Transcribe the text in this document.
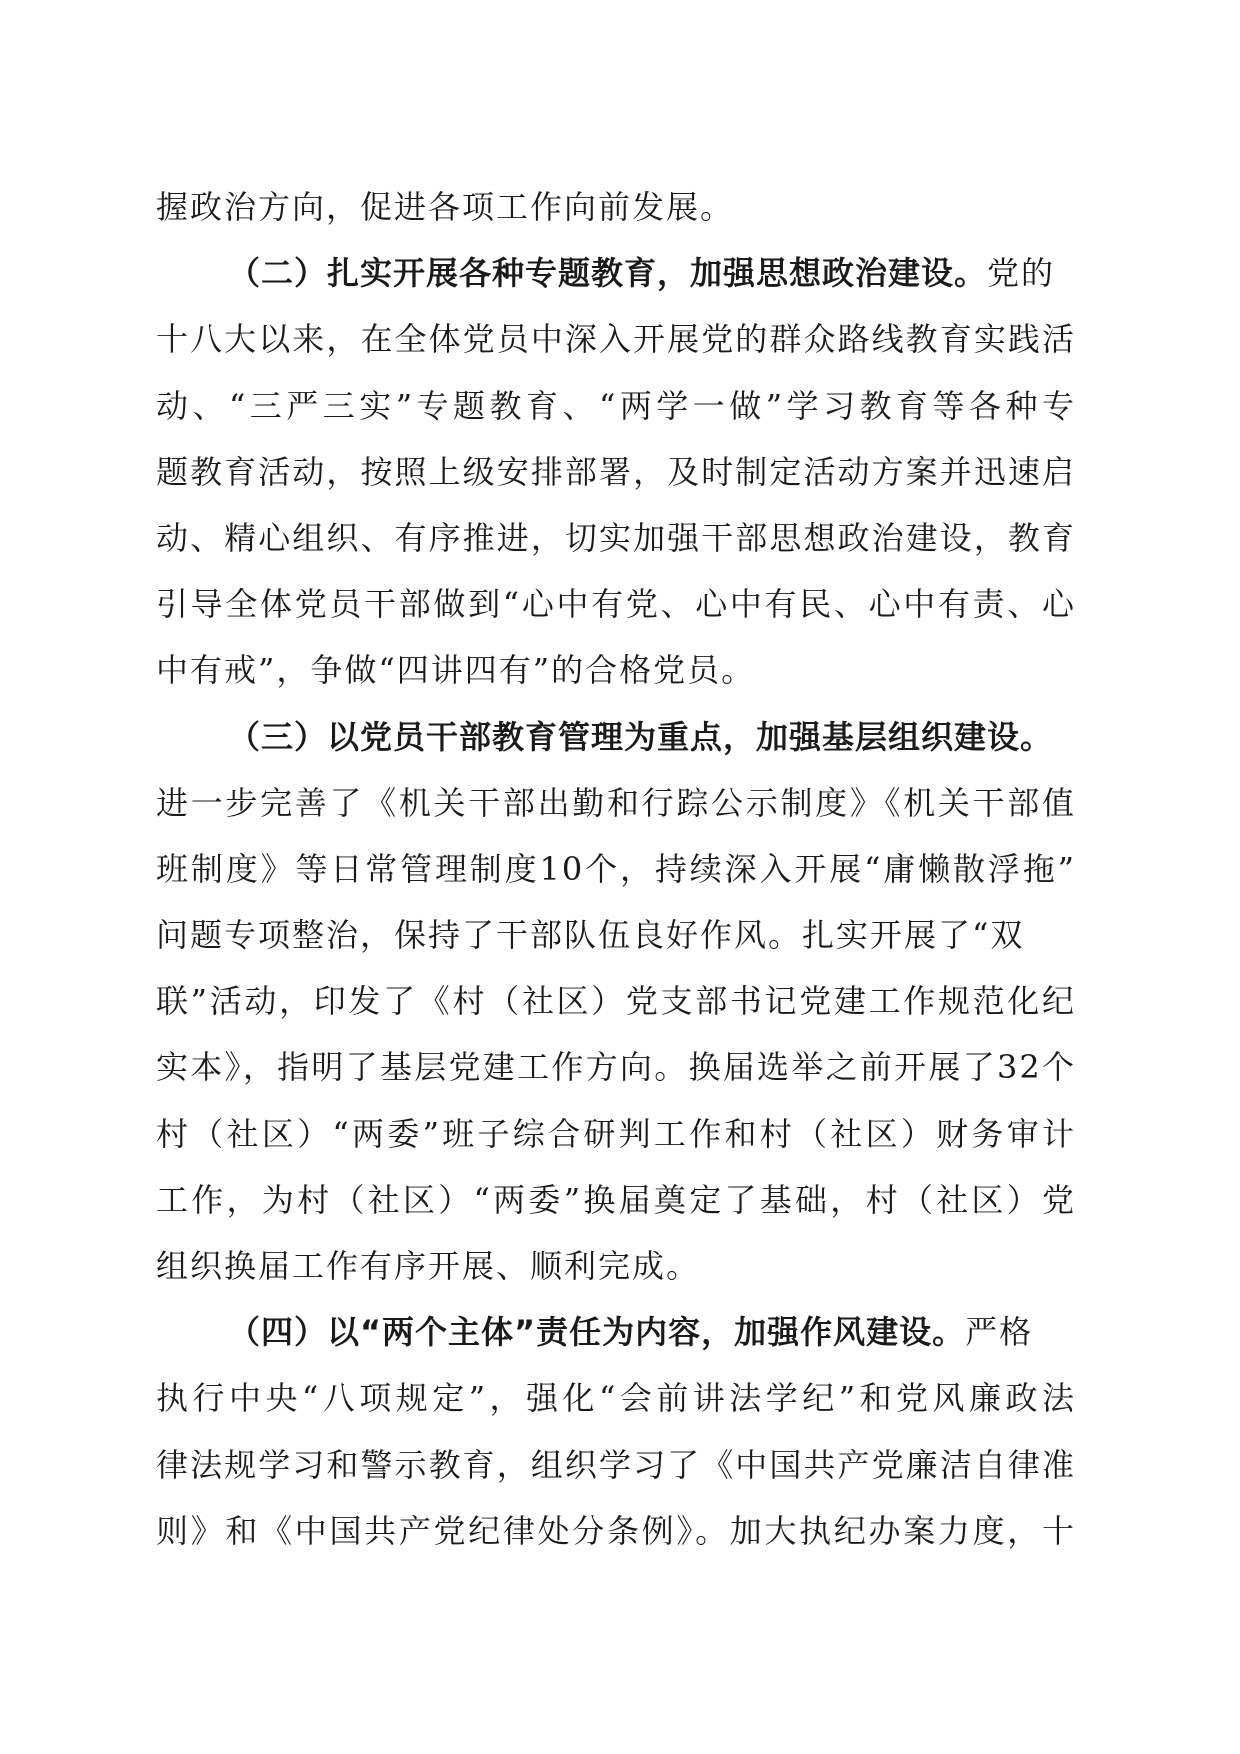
握政治方向，促进各项工作向前发展。
（二）扎实开展各种专题教育，加强思想政治建设。党的
十八大以来，在全体党员中深入开展党的群众路线教育实践活
动、“三严三实”专题教育、“两学一做”学习教育等各种专
题教育活动，按照上级安排部署，及时制定活动方案并迅速启
动、精心组织、有序推进，切实加强干部思想政治建设，教育
引导全体党员干部做到“心中有党、心中有民、心中有责、心
中有戒”，争做“四讲四有”的合格党员。
（三）以党员干部教育管理为重点，加强基层组织建设。
进一步完善了《机关干部出勤和行踪公示制度》《机关干部值
班制度》等日常管理制度10个，持续深入开展“庸懒散浮拖”
问题专项整治，保持了干部队伍良好作风。扎实开展了“双
联”活动，印发了《村（社区）党支部书记党建工作规范化纪
实本》，指明了基层党建工作方向。换届选举之前开展了32个
村（社区）“两委”班子综合研判工作和村（社区）财务审计
工作，为村（社区）“两委”换届奠定了基础，村（社区）党
组织换届工作有序开展、顺利完成。
（四）以“两个主体”责任为内容，加强作风建设。严格
执行中央“八项规定”，强化“会前讲法学纪”和党风廉政法
律法规学习和警示教育，组织学习了《中国共产党廉洁自律准
则》和《中国共产党纪律处分条例》。加大执纪办案力度，十
